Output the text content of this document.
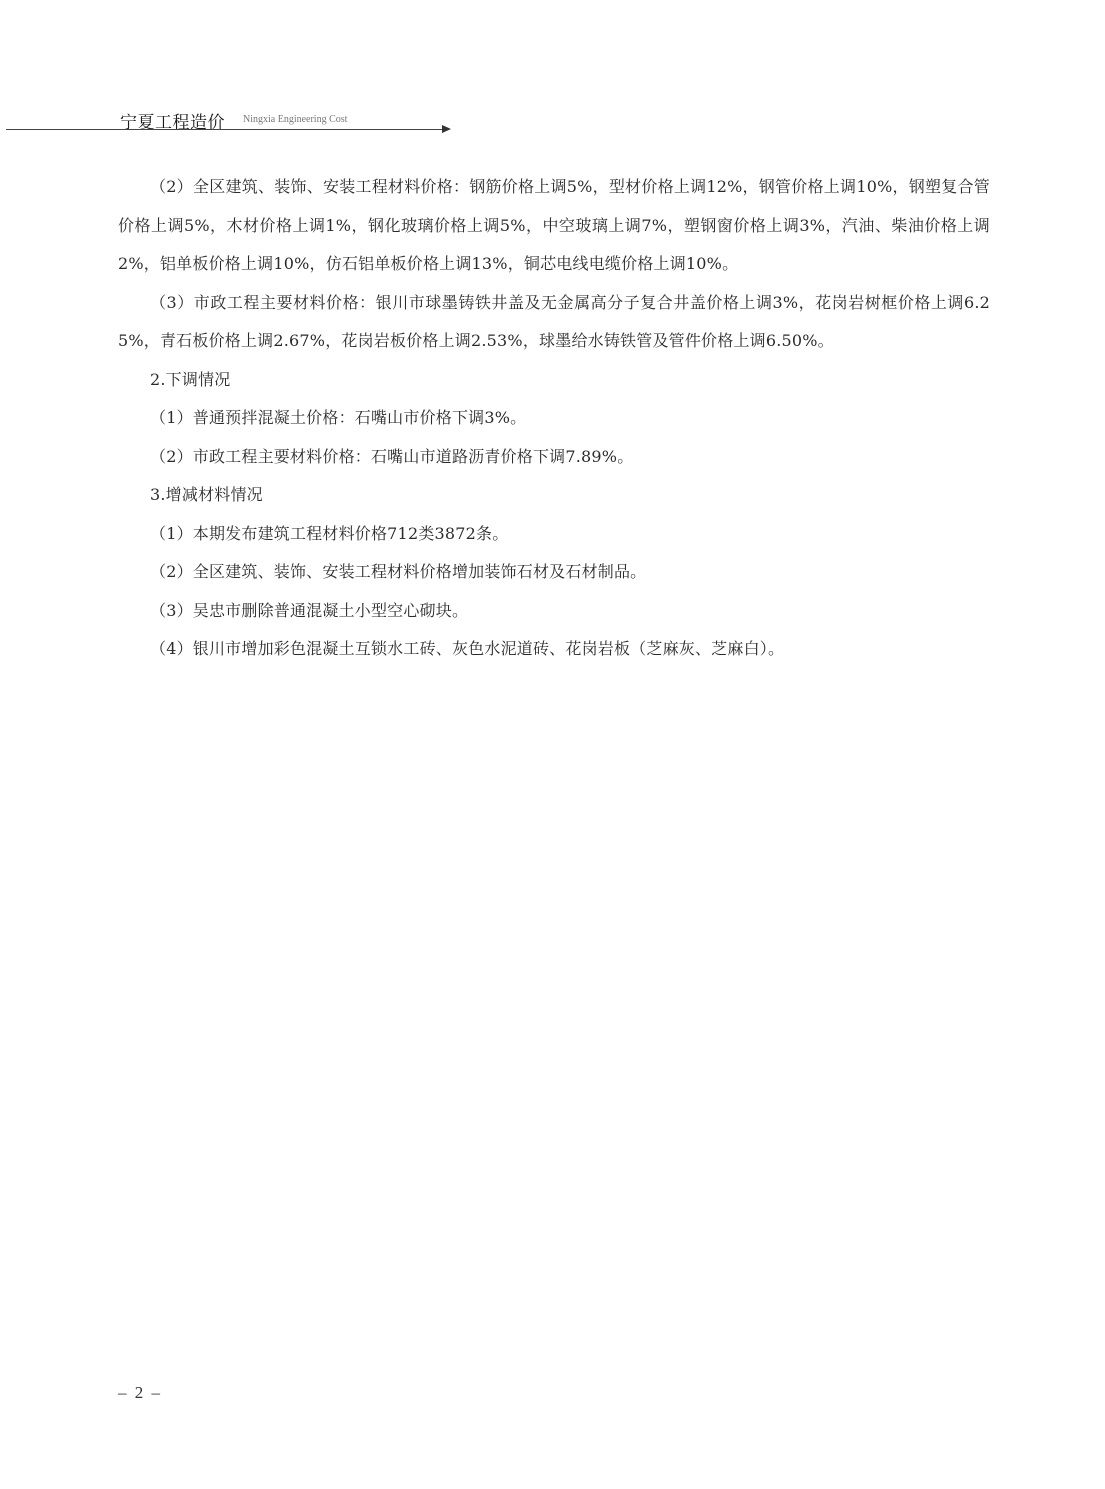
宁夏工程造价 Ningxia Engineering Cost

（2）全区建筑、装饰、安装工程材料价格：钢筋价格上调5%，型材价格上调12%，钢管价格上调10%，钢塑复合管价格上调5%，木材价格上调1%，钢化玻璃价格上调5%，中空玻璃上调7%，塑钢窗价格上调3%，汽油、柴油价格上调2%，铝单板价格上调10%，仿石铝单板价格上调13%，铜芯电线电缆价格上调10%。

（3）市政工程主要材料价格：银川市球墨铸铁井盖及无金属高分子复合井盖价格上调3%，花岗岩树框价格上调6.25%，青石板价格上调2.67%，花岗岩板价格上调2.53%，球墨给水铸铁管及管件价格上调6.50%。

2.下调情况

（1）普通预拌混凝土价格：石嘴山市价格下调3%。

（2）市政工程主要材料价格：石嘴山市道路沥青价格下调7.89%。

3.增减材料情况

（1）本期发布建筑工程材料价格712类3872条。

（2）全区建筑、装饰、安装工程材料价格增加装饰石材及石材制品。

（3）吴忠市删除普通混凝土小型空心砌块。

（4）银川市增加彩色混凝土互锁水工砖、灰色水泥道砖、花岗岩板（芝麻灰、芝麻白）。

– 2 –
